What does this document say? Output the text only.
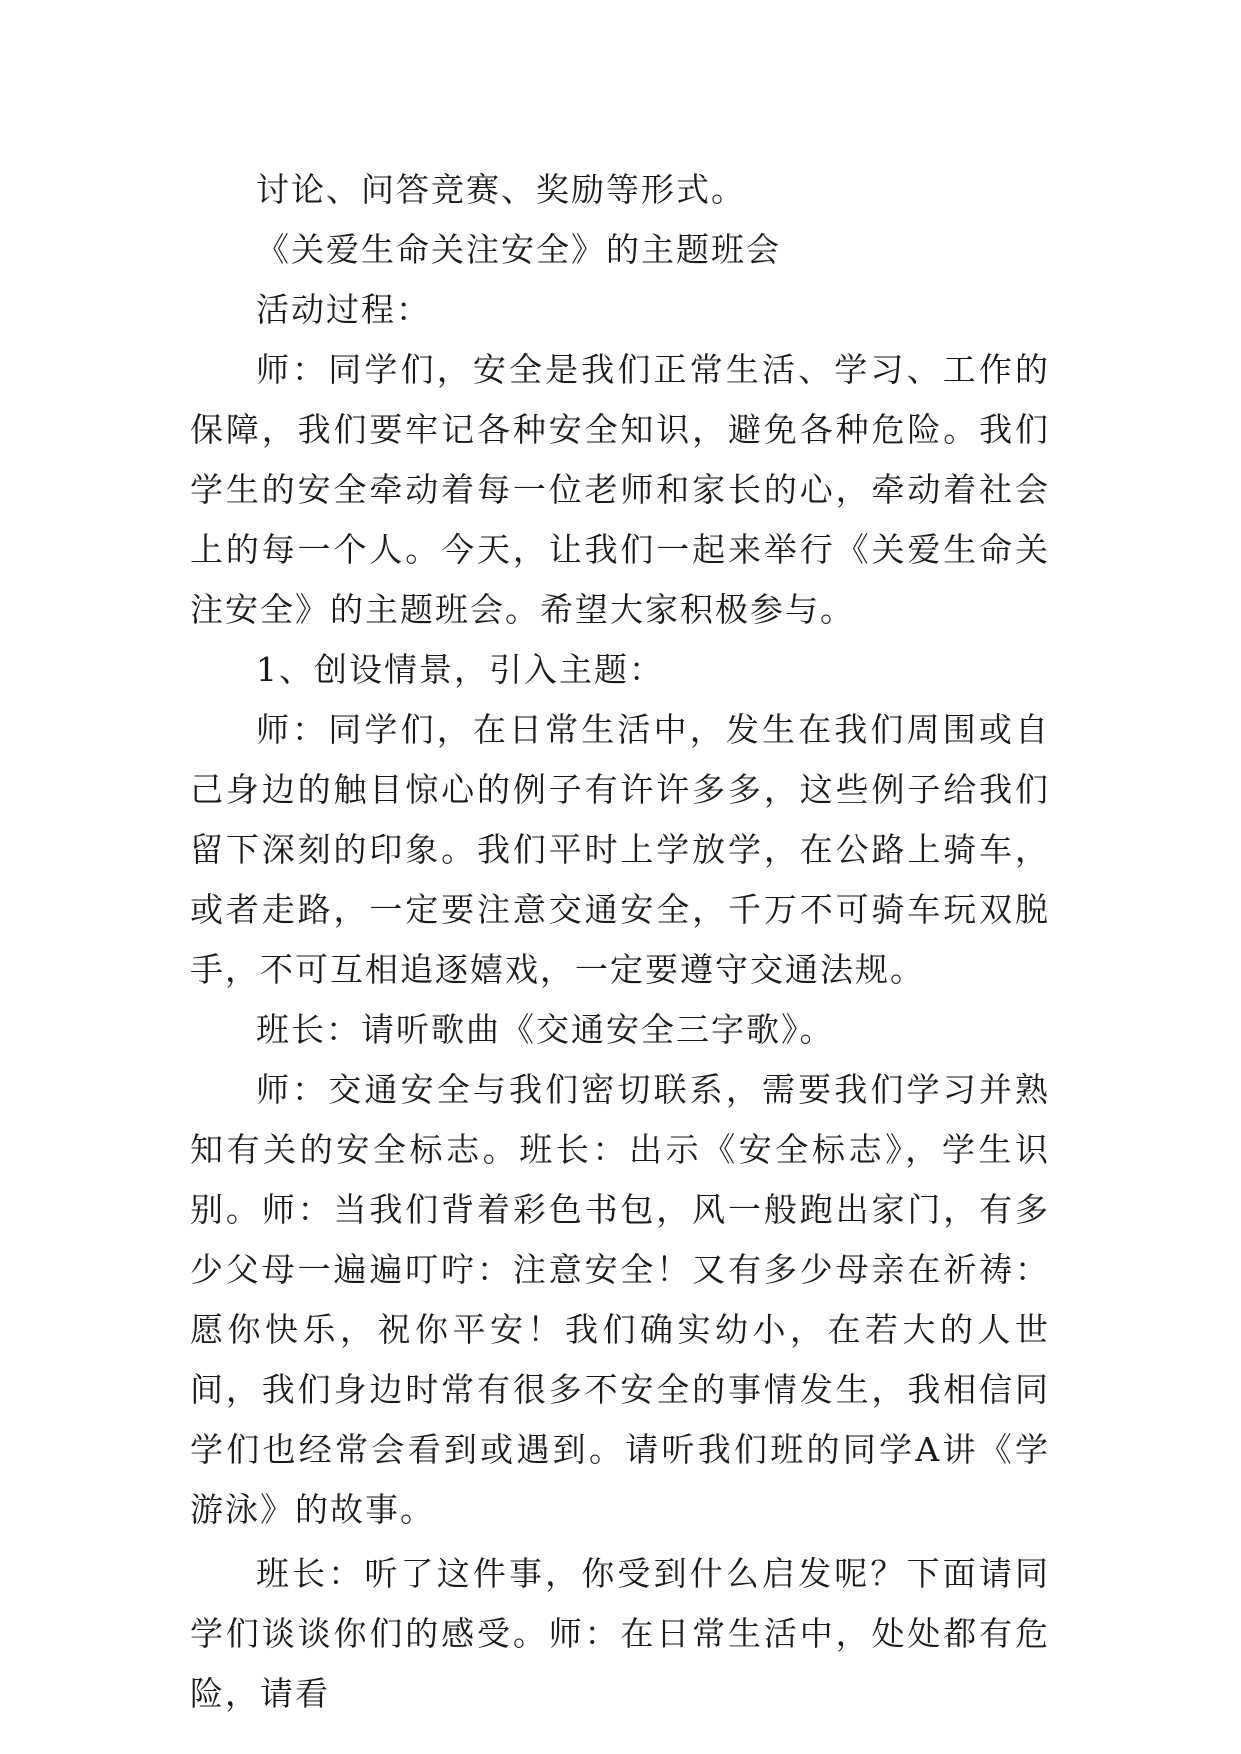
讨论、问答竞赛、奖励等形式。

《关爱生命关注安全》的主题班会

活动过程：

师：同学们，安全是我们正常生活、学习、工作的保障，我们要牢记各种安全知识，避免各种危险。我们学生的安全牵动着每一位老师和家长的心，牵动着社会上的每一个人。今天，让我们一起来举行《关爱生命关注安全》的主题班会。希望大家积极参与。

1、创设情景，引入主题：

师：同学们，在日常生活中，发生在我们周围或自己身边的触目惊心的例子有许许多多，这些例子给我们留下深刻的印象。我们平时上学放学，在公路上骑车，或者走路，一定要注意交通安全，千万不可骑车玩双脱手，不可互相追逐嬉戏，一定要遵守交通法规。

班长：请听歌曲《交通安全三字歌》。

师：交通安全与我们密切联系，需要我们学习并熟知有关的安全标志。班长：出示《安全标志》，学生识别。师：当我们背着彩色书包，风一般跑出家门，有多少父母一遍遍叮咛：注意安全！又有多少母亲在祈祷：愿你快乐，祝你平安！我们确实幼小，在若大的人世间，我们身边时常有很多不安全的事情发生，我相信同学们也经常会看到或遇到。请听我们班的同学A讲《学游泳》的故事。

班长：听了这件事，你受到什么启发呢？下面请同学们谈谈你们的感受。师：在日常生活中，处处都有危险，请看
